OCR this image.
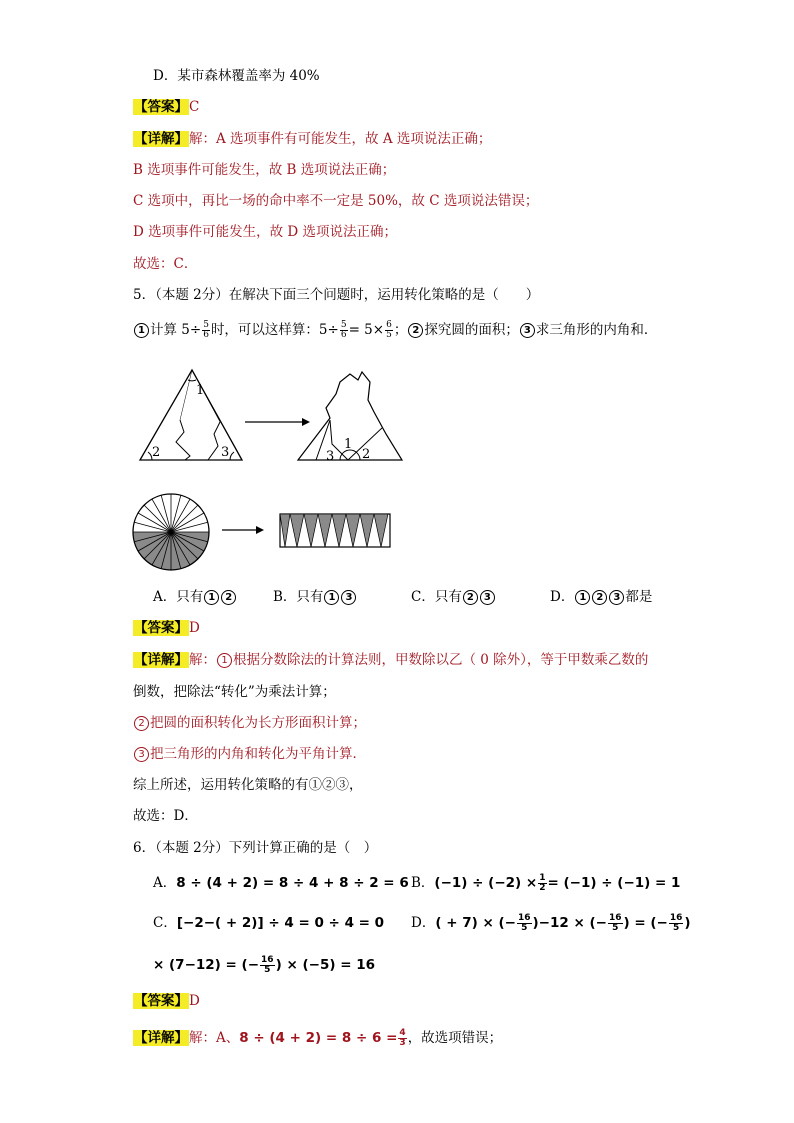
D．某市森林覆盖率为 40%
【答案】C
【详解】解：A 选项事件有可能发生，故 A 选项说法正确；
B 选项事件可能发生，故 B 选项说法正确；
C 选项中，再比一场的命中率不一定是 50%，故 C 选项说法错误；
D 选项事件可能发生，故 D 选项说法正确；
故选：C．
5．（本题 2分）在解决下面三个问题时，运用转化策略的是（　　）
1 计算 $5\div \frac{5}{6}$ 时，可以这样算：$5\div \frac{5}{6} = 5\times \frac{6}{5}$ ； 2 探究圆的面积； 3 求三角形的内角和．
1
2	3
1
3 2
A．只有 1 2	B．只有 1 3	C．只有 2 3	D． 1 2 3 都是
【答案】D
【详解】解： 1 根据分数除法的计算法则，甲数除以乙（ 0 除外），等于甲数乘乙数的
倒数，把除法“转化”为乘法计算；
2 把圆的面积转化为长方形面积计算；
3 把三角形的内角和转化为平角计算．
综上所述，运用转化策略的有①②③，
故选：D．
6．（本题 2分）下列计算正确的是（　）
A．8 ÷ (4 + 2) = 8 ÷ 4 + 8 ÷ 2 = 6 B．$(-1) \div (-2) \times \frac{1}{2} = (-1) \div (-1) = 1$
C．[−2−( + 2)] ÷ 4 = 0 ÷ 4 = 0 D．( + 7) × (− $\frac{16}{5} )-12$ × (− $\frac{16}{5}$ ) = (− $\frac{16}{5}$ )
× (7−12) = (− $\frac{16}{5}$ ) × (−5) = 16
【答案】D
【详解】解：A、$8 \div (4 + 2) = 8 \div 6 = \frac{4}{3}$ ，故选项错误；
